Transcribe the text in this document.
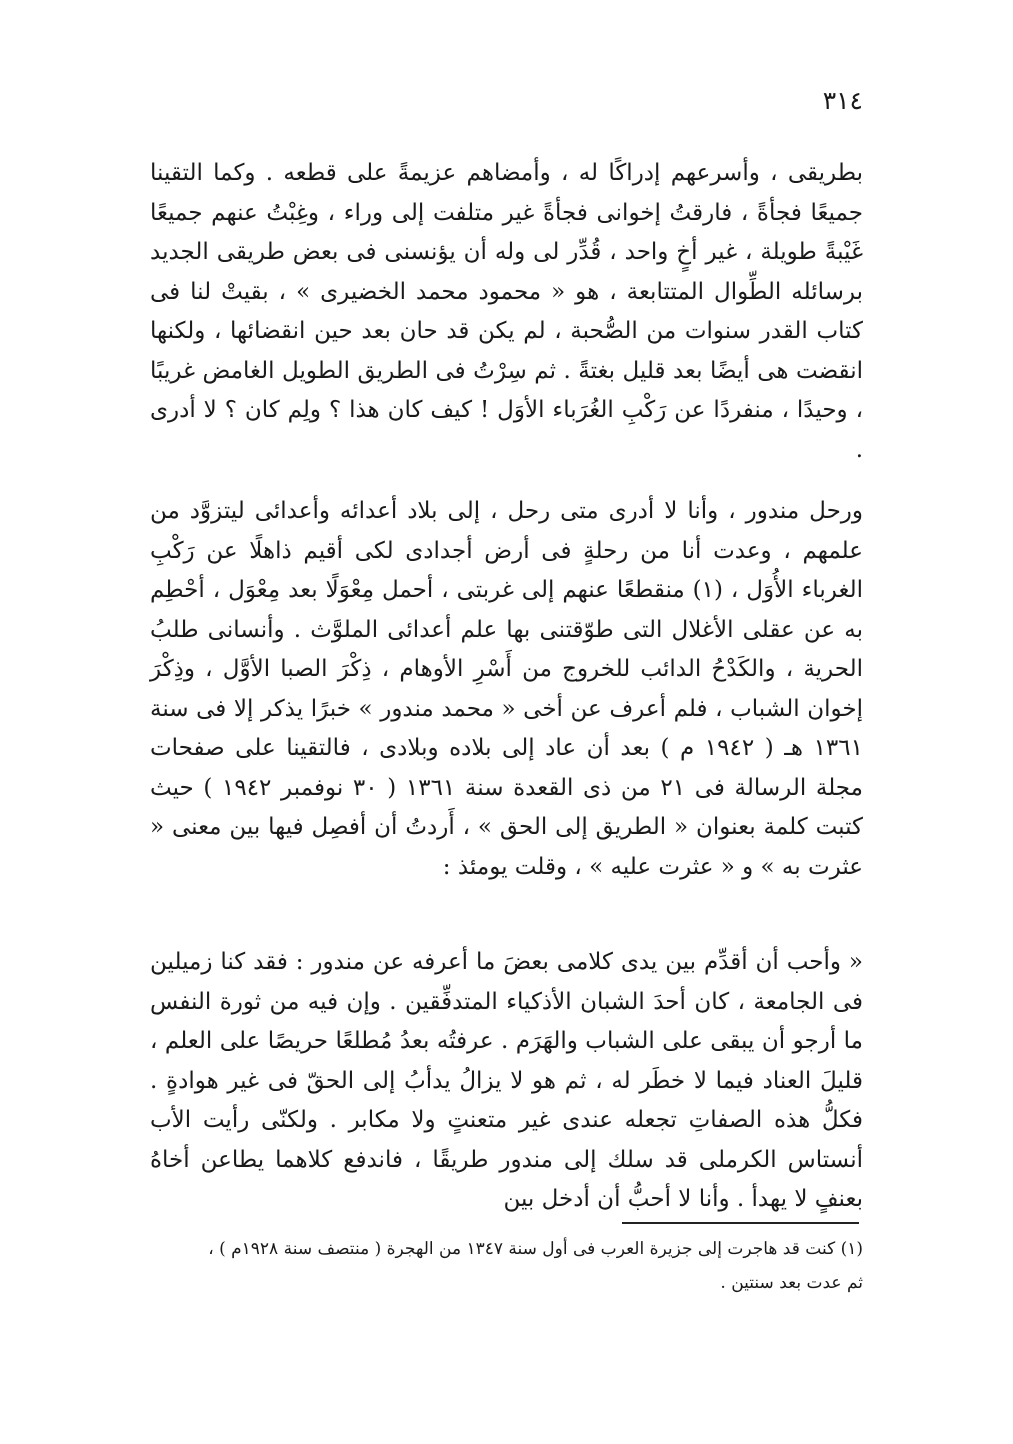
٣١٤

بطريقى ، وأسرعهم إدراكًا له ، وأمضاهم عزيمةً على قطعه . وكما التقينا جميعًا فجأةً ، فارقتُ إخوانى فجأةً غير متلفت إلى وراء ، وغِبْتُ عنهم جميعًا غَيْبةً طويلة ، غير أخٍ واحد ، قُدِّر لى وله أن يؤنسنى فى بعض طريقى الجديد برسائله الطِّوال المتتابعة ، هو « محمود محمد الخضيرى » ، بقيتْ لنا فى كتاب القدر سنوات من الصُّحبة ، لم يكن قد حان بعد حين انقضائها ، ولكنها انقضت هى أيضًا بعد قليل بغتةً . ثم سِرْتُ فى الطريق الطويل الغامض غريبًا ، وحيدًا ، منفردًا عن رَكْبِ الغُرَباء الأوَل ! كيف كان هذا ؟ ولِم كان ؟ لا أدرى .

ورحل مندور ، وأنا لا أدرى متى رحل ، إلى بلاد أعدائه وأعدائى ليتزوَّد من علمهم ، وعدت أنا من رحلةٍ فى أرض أجدادى لكى أقيم ذاهلًا عن رَكْبِ الغرباء الأُوَل ، (١) منقطعًا عنهم إلى غربتى ، أحمل مِعْوَلًا بعد مِعْوَل ، أحْطِم به عن عقلى الأغلال التى طوّقتنى بها علم أعدائى الملوَّث . وأنسانى طلبُ الحرية ، والكَدْحُ الدائب للخروج من أَسْرِ الأوهام ، ذِكْرَ الصبا الأوَّل ، وذِكْرَ إخوان الشباب ، فلم أعرف عن أخى « محمد مندور » خبرًا يذكر إلا فى سنة ١٣٦١ هـ ( ١٩٤٢ م ) بعد أن عاد إلى بلاده وبلادى ، فالتقينا على صفحات مجلة الرسالة فى ٢١ من ذى القعدة سنة ١٣٦١ ( ٣٠ نوفمبر ١٩٤٢ ) حيث كتبت كلمة بعنوان « الطريق إلى الحق » ، أَردتُ أن أفصِل فيها بين معنى « عثرت به » و « عثرت عليه » ، وقلت يومئذ :

« وأحب أن أقدِّم بين يدى كلامى بعضَ ما أعرفه عن مندور : فقد كنا زميلين فى الجامعة ، كان أحدَ الشبان الأذكياء المتدفِّقين . وإن فيه من ثورة النفس ما أرجو أن يبقى على الشباب والهَرَم . عرفتُه بعدُ مُطلعًا حريصًا على العلم ، قليلَ العناد فيما لا خطَر له ، ثم هو لا يزالُ يدأبُ إلى الحقّ فى غير هوادةٍ . فكلُّ هذه الصفاتِ تجعله عندى غير متعنتٍ ولا مكابر . ولكنّى رأيت الأب أنستاس الكرملى قد سلك إلى مندور طريقًا ، فاندفع كلاهما يطاعن أخاهُ بعنفٍ لا يهدأ . وأنا لا أحبُّ أن أدخل بين

(١) كنت قد هاجرت إلى جزيرة العرب فى أول سنة ١٣٤٧ من الهجرة ( منتصف سنة ١٩٢٨م ) ،

ثم عدت بعد سنتين .
